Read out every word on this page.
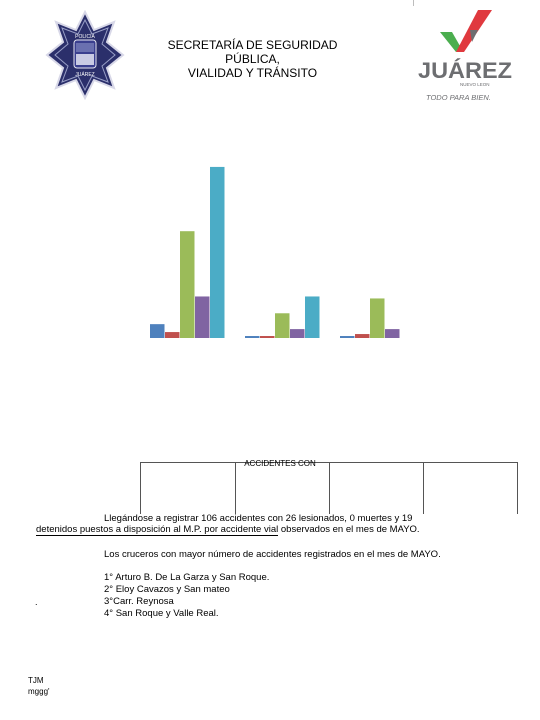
POLICÍA
JUÁREZ
SECRETARÍA DE SEGURIDAD
PÚBLICA,
VIALIDAD Y TRÁNSITO	JUÁREZ
NUEVO LEON
TODO PARA BIEN.
ACCIDENTES CON
Llegándose a registrar 106 accidentes con 26 lesionados, 0 muertes y 19
detenidos puestos a disposición al M.P. por accidente vial observados en el mes de MAYO.
Los cruceros con mayor número de accidentes registrados en el mes de MAYO.
.
1° Arturo B. De La Garza y San Roque.
2° Eloy Cavazos y San mateo
3°Carr. Reynosa
4° San Roque y Valle Real.
TJM
mggg'
